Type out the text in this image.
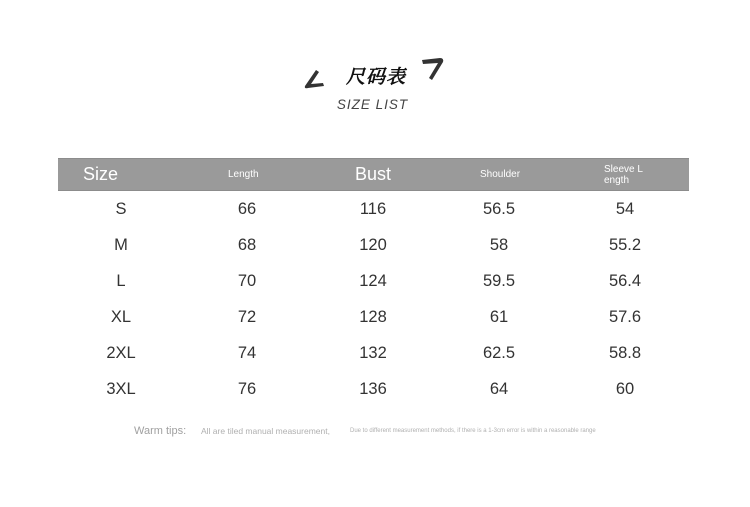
尺码表
SIZE LIST
Size	Length	Bust	Shoulder	Sleeve Length
S	66	116	56.5	54
M	68	120	58	55.2
L	70	124	59.5	56.4
XL	72	128	61	57.6
2XL	74	132	62.5	58.8
3XL	76	136	64	60
Warm tips: All are tiled manual measurement,	Due to different measurement methods, if there is a 1-3cm error is within a reasonable range
